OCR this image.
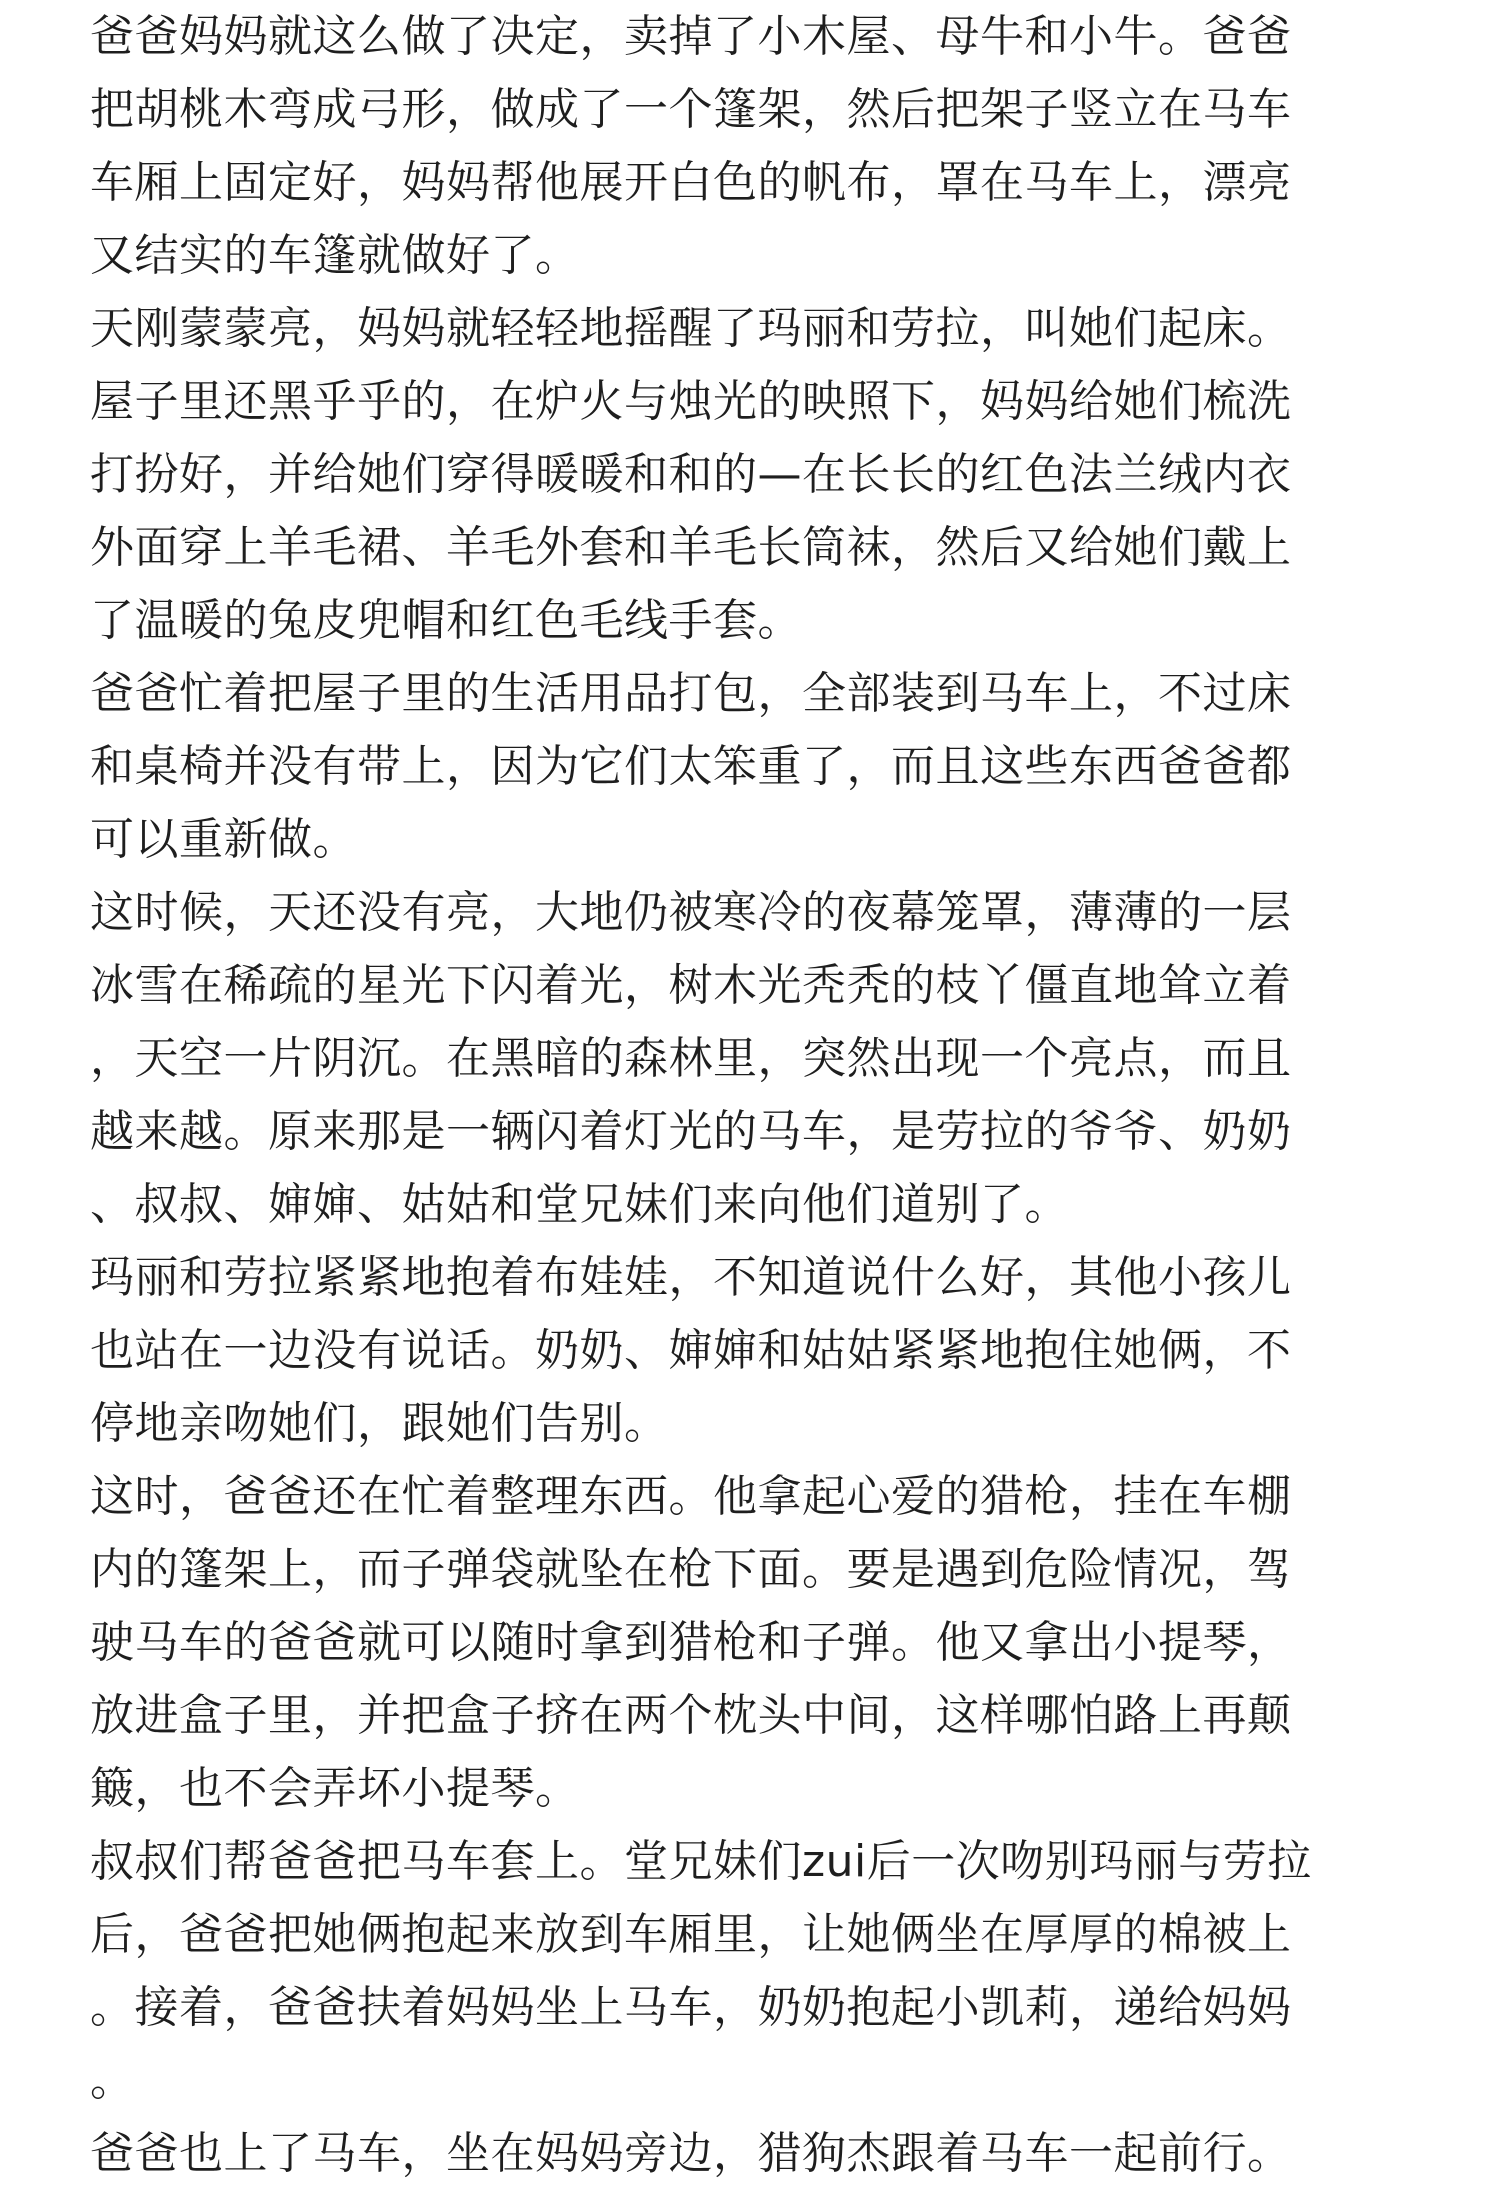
爸爸妈妈就这么做了决定，卖掉了小木屋、母牛和小牛。爸爸
把胡桃木弯成弓形，做成了一个篷架，然后把架子竖立在马车
车厢上固定好，妈妈帮他展开白色的帆布，罩在马车上，漂亮
又结实的车篷就做好了。
天刚蒙蒙亮，妈妈就轻轻地摇醒了玛丽和劳拉，叫她们起床。
屋子里还黑乎乎的，在炉火与烛光的映照下，妈妈给她们梳洗
打扮好，并给她们穿得暖暖和和的—在长长的红色法兰绒内衣
外面穿上羊毛裙、羊毛外套和羊毛长筒袜，然后又给她们戴上
了温暖的兔皮兜帽和红色毛线手套。
爸爸忙着把屋子里的生活用品打包，全部装到马车上，不过床
和桌椅并没有带上，因为它们太笨重了，而且这些东西爸爸都
可以重新做。
这时候，天还没有亮，大地仍被寒冷的夜幕笼罩，薄薄的一层
冰雪在稀疏的星光下闪着光，树木光秃秃的枝丫僵直地耸立着
，天空一片阴沉。在黑暗的森林里，突然出现一个亮点，而且
越来越。原来那是一辆闪着灯光的马车，是劳拉的爷爷、奶奶
、叔叔、婶婶、姑姑和堂兄妹们来向他们道别了。
玛丽和劳拉紧紧地抱着布娃娃，不知道说什么好，其他小孩儿
也站在一边没有说话。奶奶、婶婶和姑姑紧紧地抱住她俩，不
停地亲吻她们，跟她们告别。
这时，爸爸还在忙着整理东西。他拿起心爱的猎枪，挂在车棚
内的篷架上，而子弹袋就坠在枪下面。要是遇到危险情况，驾
驶马车的爸爸就可以随时拿到猎枪和子弹。他又拿出小提琴，
放进盒子里，并把盒子挤在两个枕头中间，这样哪怕路上再颠
簸，也不会弄坏小提琴。
叔叔们帮爸爸把马车套上。堂兄妹们zui后一次吻别玛丽与劳拉
后，爸爸把她俩抱起来放到车厢里，让她俩坐在厚厚的棉被上
。接着，爸爸扶着妈妈坐上马车，奶奶抱起小凯莉，递给妈妈
。
爸爸也上了马车，坐在妈妈旁边，猎狗杰跟着马车一起前行。
